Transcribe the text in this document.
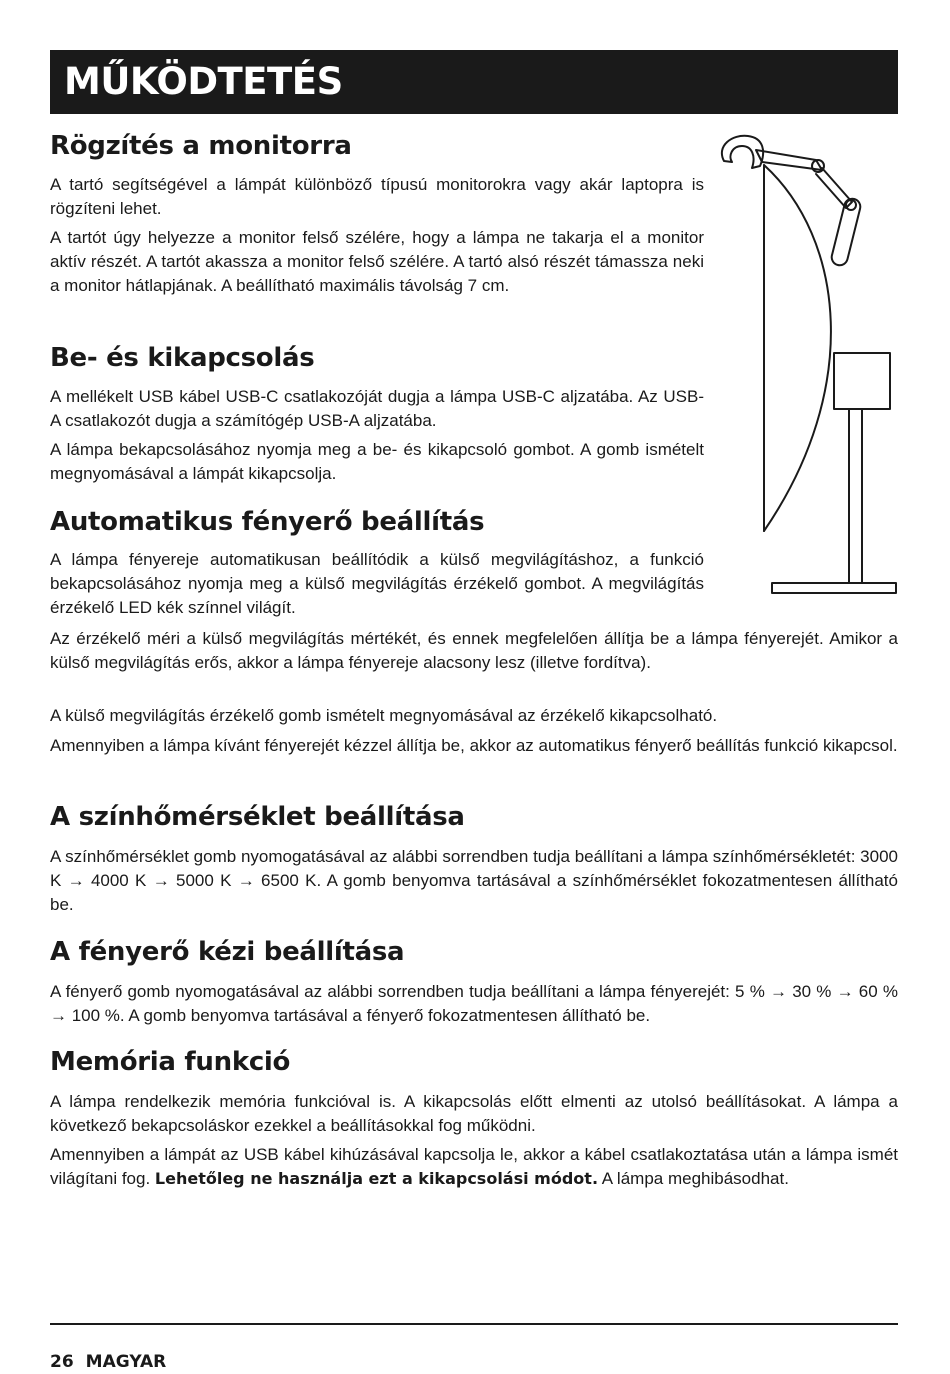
MŰKÖDTETÉS
Rögzítés a monitorra

A tartó segítségével a lámpát különböző típusú monitorokra vagy akár laptopra is rögzíteni lehet.

A tartót úgy helyezze a monitor felső szélére, hogy a lámpa ne takarja el a monitor aktív részét. A tartót akassza a monitor felső szélére. A tartó alsó részét támassza neki a monitor hátlapjának. A beállítható maximális távolság 7 cm.

Be- és kikapcsolás

A mellékelt USB kábel USB-C csatlakozóját dugja a lámpa USB-C aljzatába. Az USB-A csatlakozót dugja a számítógép USB-A aljzatába.

A lámpa bekapcsolásához nyomja meg a be- és kikapcsoló gombot. A gomb ismételt megnyomásával a lámpát kikapcsolja.

Automatikus fényerő beállítás

A lámpa fényereje automatikusan beállítódik a külső megvilágításhoz, a funkció bekapcsolásához nyomja meg a külső megvilágítás érzékelő gombot. A megvilágítás érzékelő LED kék színnel világít.

Az érzékelő méri a külső megvilágítás mértékét, és ennek megfelelően állítja be a lámpa fényerejét. Amikor a külső megvilágítás erős, akkor a lámpa fényereje alacsony lesz (illetve fordítva).

A külső megvilágítás érzékelő gomb ismételt megnyomásával az érzékelő kikapcsolható.

Amennyiben a lámpa kívánt fényerejét kézzel állítja be, akkor az automatikus fényerő beállítás funkció kikapcsol.

A színhőmérséklet beállítása

A színhőmérséklet gomb nyomogatásával az alábbi sorrendben tudja beállítani a lámpa színhőmérsékletét: 3000 K → 4000 K → 5000 K → 6500 K. A gomb benyomva tartásával a színhőmérséklet fokozatmentesen állítható be.

A fényerő kézi beállítása

A fényerő gomb nyomogatásával az alábbi sorrendben tudja beállítani a lámpa fényerejét: 5 % → 30 % → 60 % → 100 %. A gomb benyomva tartásával a fényerő fokozatmentesen állítható be.

Memória funkció

A lámpa rendelkezik memória funkcióval is. A kikapcsolás előtt elmenti az utolsó beállításokat. A lámpa a következő bekapcsoláskor ezekkel a beállításokkal fog működni.

Amennyiben a lámpát az USB kábel kihúzásával kapcsolja le, akkor a kábel csatlakoztatása után a lámpa ismét világítani fog. Lehetőleg ne használja ezt a kikapcsolási módot. A lámpa meghibásodhat.

26 MAGYAR
